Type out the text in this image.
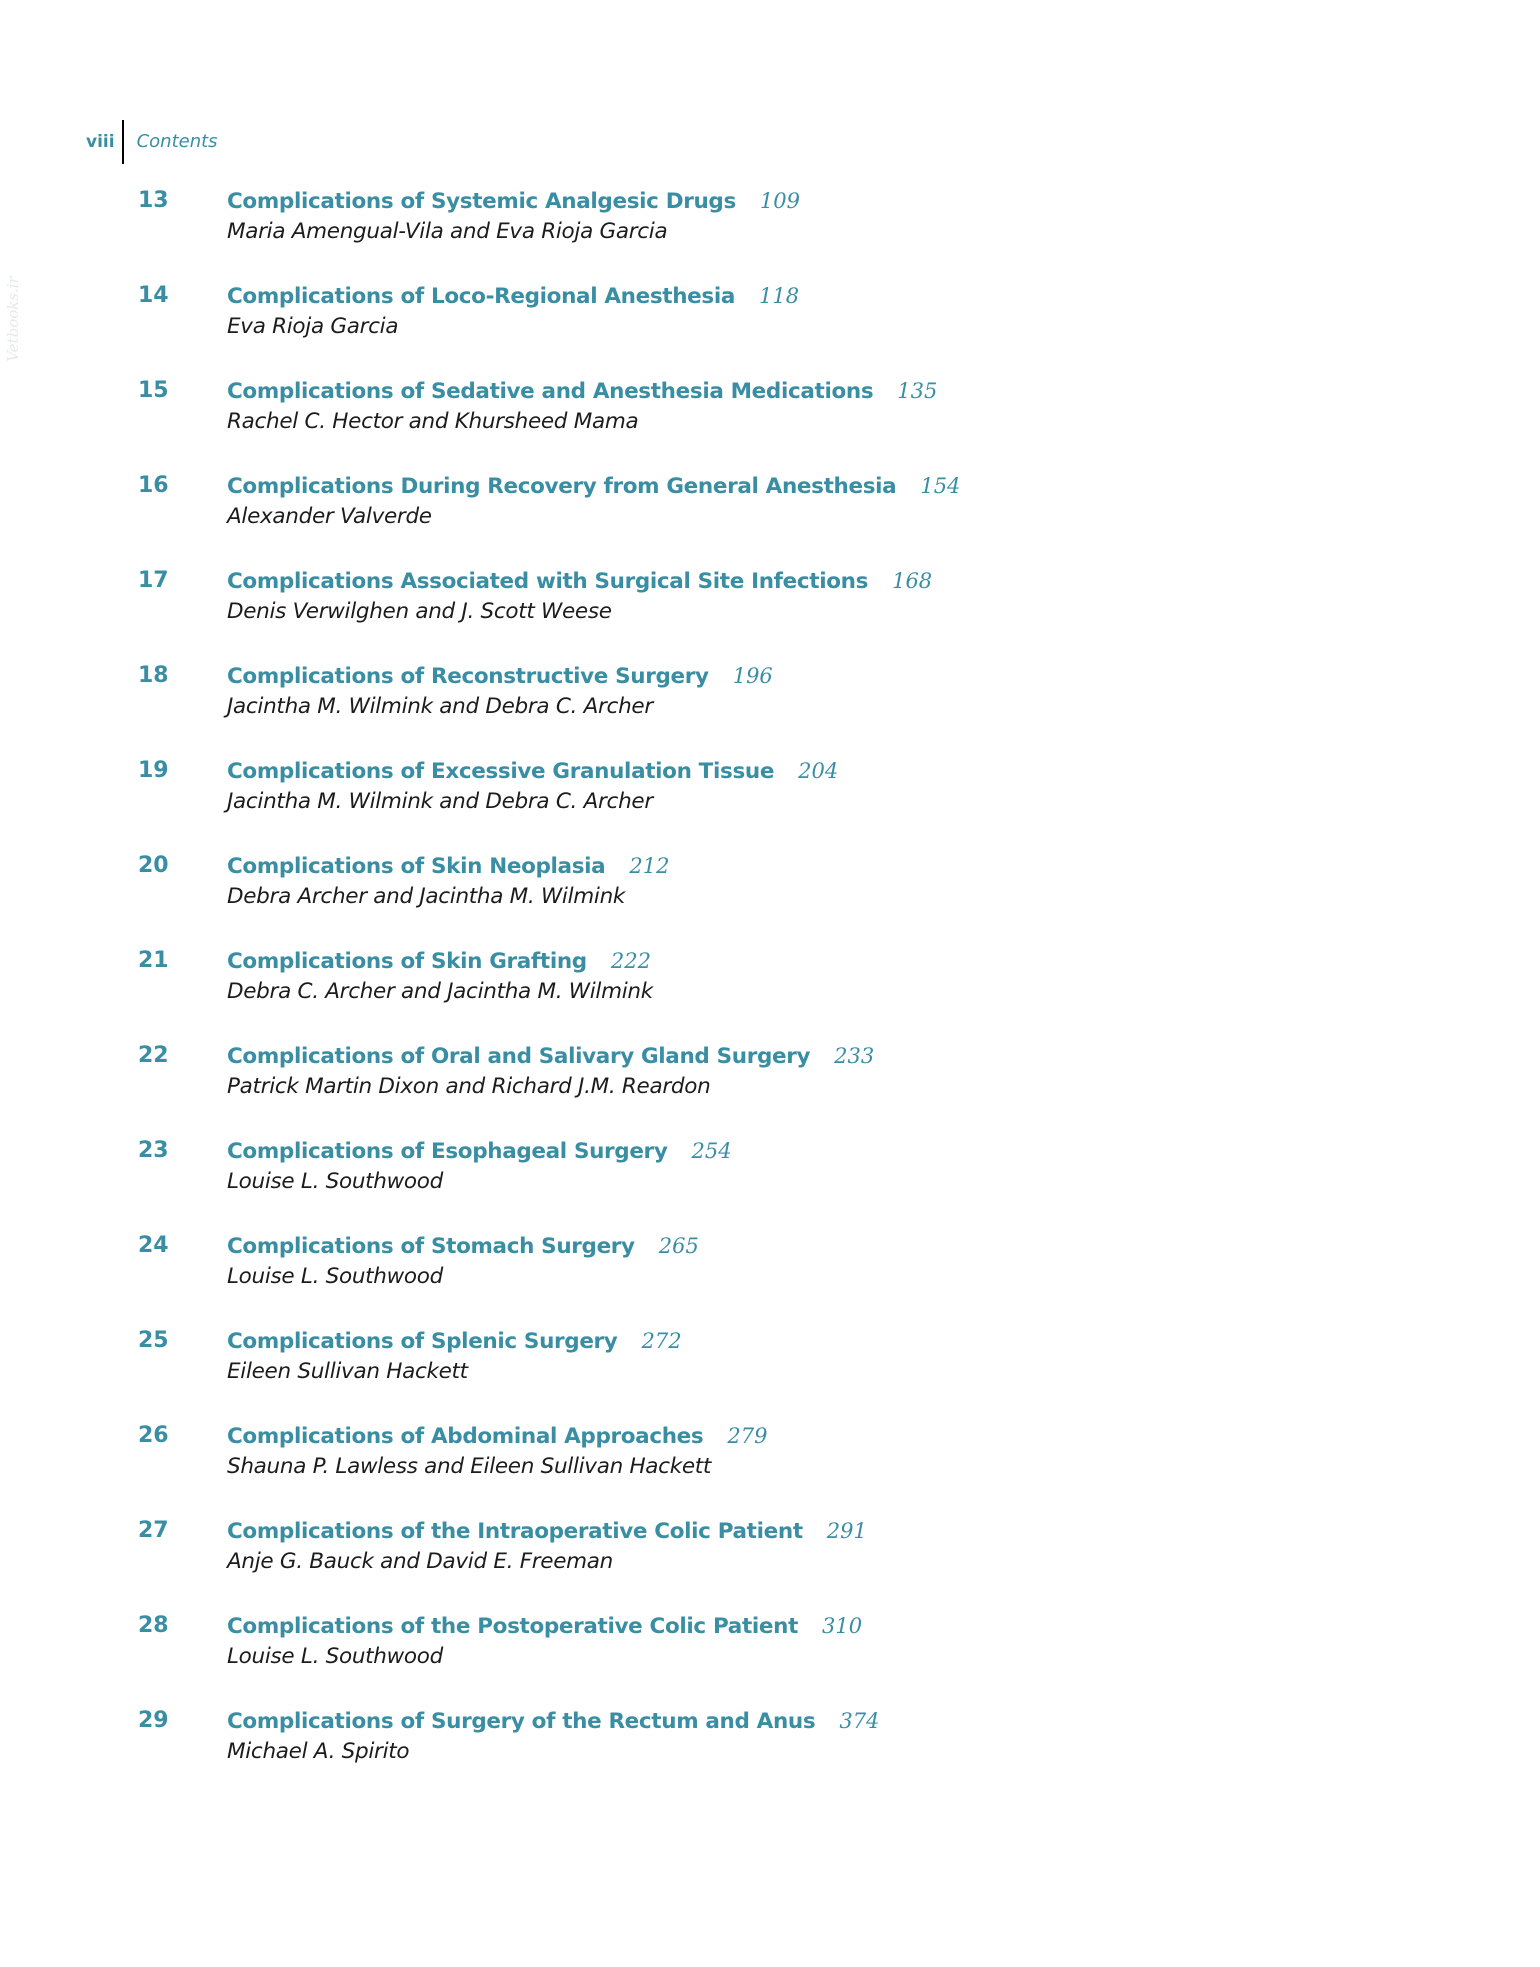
viii	Contents
Vetbooks.ir
13	Complications of Systemic Analgesic Drugs 109
Maria Amengual-Vila and Eva Rioja Garcia
14	Complications of Loco-Regional Anesthesia 118
Eva Rioja Garcia
15	Complications of Sedative and Anesthesia Medications 135
Rachel C. Hector and Khursheed Mama
16	Complications During Recovery from General Anesthesia 154
Alexander Valverde
17	Complications Associated with Surgical Site Infections 168
Denis Verwilghen and J. Scott Weese
18	Complications of Reconstructive Surgery 196
Jacintha M. Wilmink and Debra C. Archer
19	Complications of Excessive Granulation Tissue 204
Jacintha M. Wilmink and Debra C. Archer
20	Complications of Skin Neoplasia 212
Debra Archer and Jacintha M. Wilmink
21	Complications of Skin Grafting 222
Debra C. Archer and Jacintha M. Wilmink
22	Complications of Oral and Salivary Gland Surgery 233
Patrick Martin Dixon and Richard J.M. Reardon
23	Complications of Esophageal Surgery 254
Louise L. Southwood
24	Complications of Stomach Surgery 265
Louise L. Southwood
25	Complications of Splenic Surgery 272
Eileen Sullivan Hackett
26	Complications of Abdominal Approaches 279
Shauna P. Lawless and Eileen Sullivan Hackett
27	Complications of the Intraoperative Colic Patient 291
Anje G. Bauck and David E. Freeman
28	Complications of the Postoperative Colic Patient 310
Louise L. Southwood
29	Complications of Surgery of the Rectum and Anus 374
Michael A. Spirito
